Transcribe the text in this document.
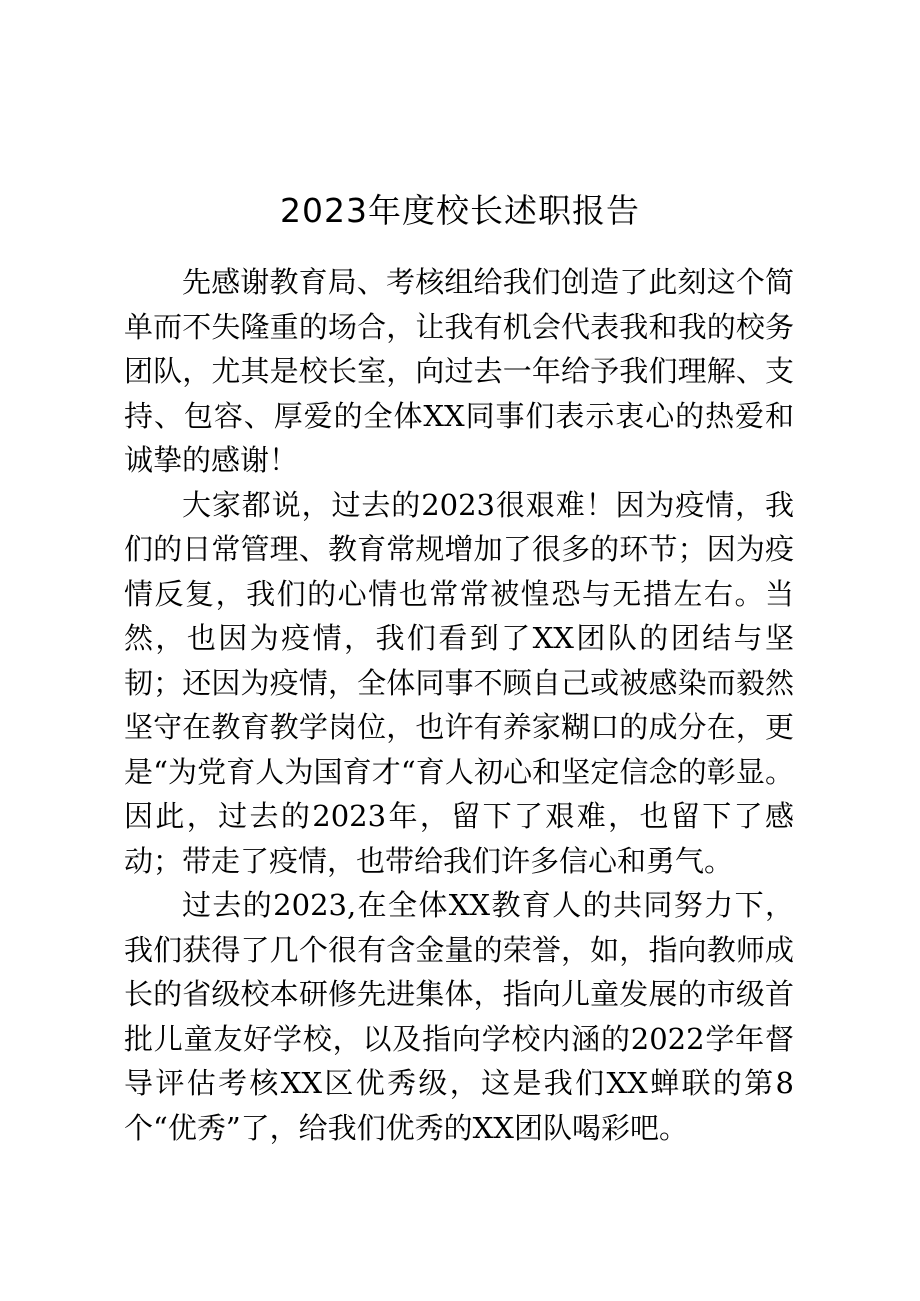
2023年度校长述职报告

先感谢教育局、考核组给我们创造了此刻这个简单而不失隆重的场合，让我有机会代表我和我的校务团队，尤其是校长室，向过去一年给予我们理解、支持、包容、厚爱的全体XX同事们表示衷心的热爱和诚挚的感谢！

大家都说，过去的2023很艰难！因为疫情，我们的日常管理、教育常规增加了很多的环节；因为疫情反复，我们的心情也常常被惶恐与无措左右。当然，也因为疫情，我们看到了XX团队的团结与坚韧；还因为疫情，全体同事不顾自己或被感染而毅然坚守在教育教学岗位，也许有养家糊口的成分在，更是“为党育人为国育才“育人初心和坚定信念的彰显。因此，过去的2023年，留下了艰难，也留下了感动；带走了疫情，也带给我们许多信心和勇气。

过去的2023,在全体XX教育人的共同努力下，我们获得了几个很有含金量的荣誉，如，指向教师成长的省级校本研修先进集体，指向儿童发展的市级首批儿童友好学校，以及指向学校内涵的2022学年督导评估考核XX区优秀级，这是我们XX蝉联的第8个“优秀”了，给我们优秀的XX团队喝彩吧。
